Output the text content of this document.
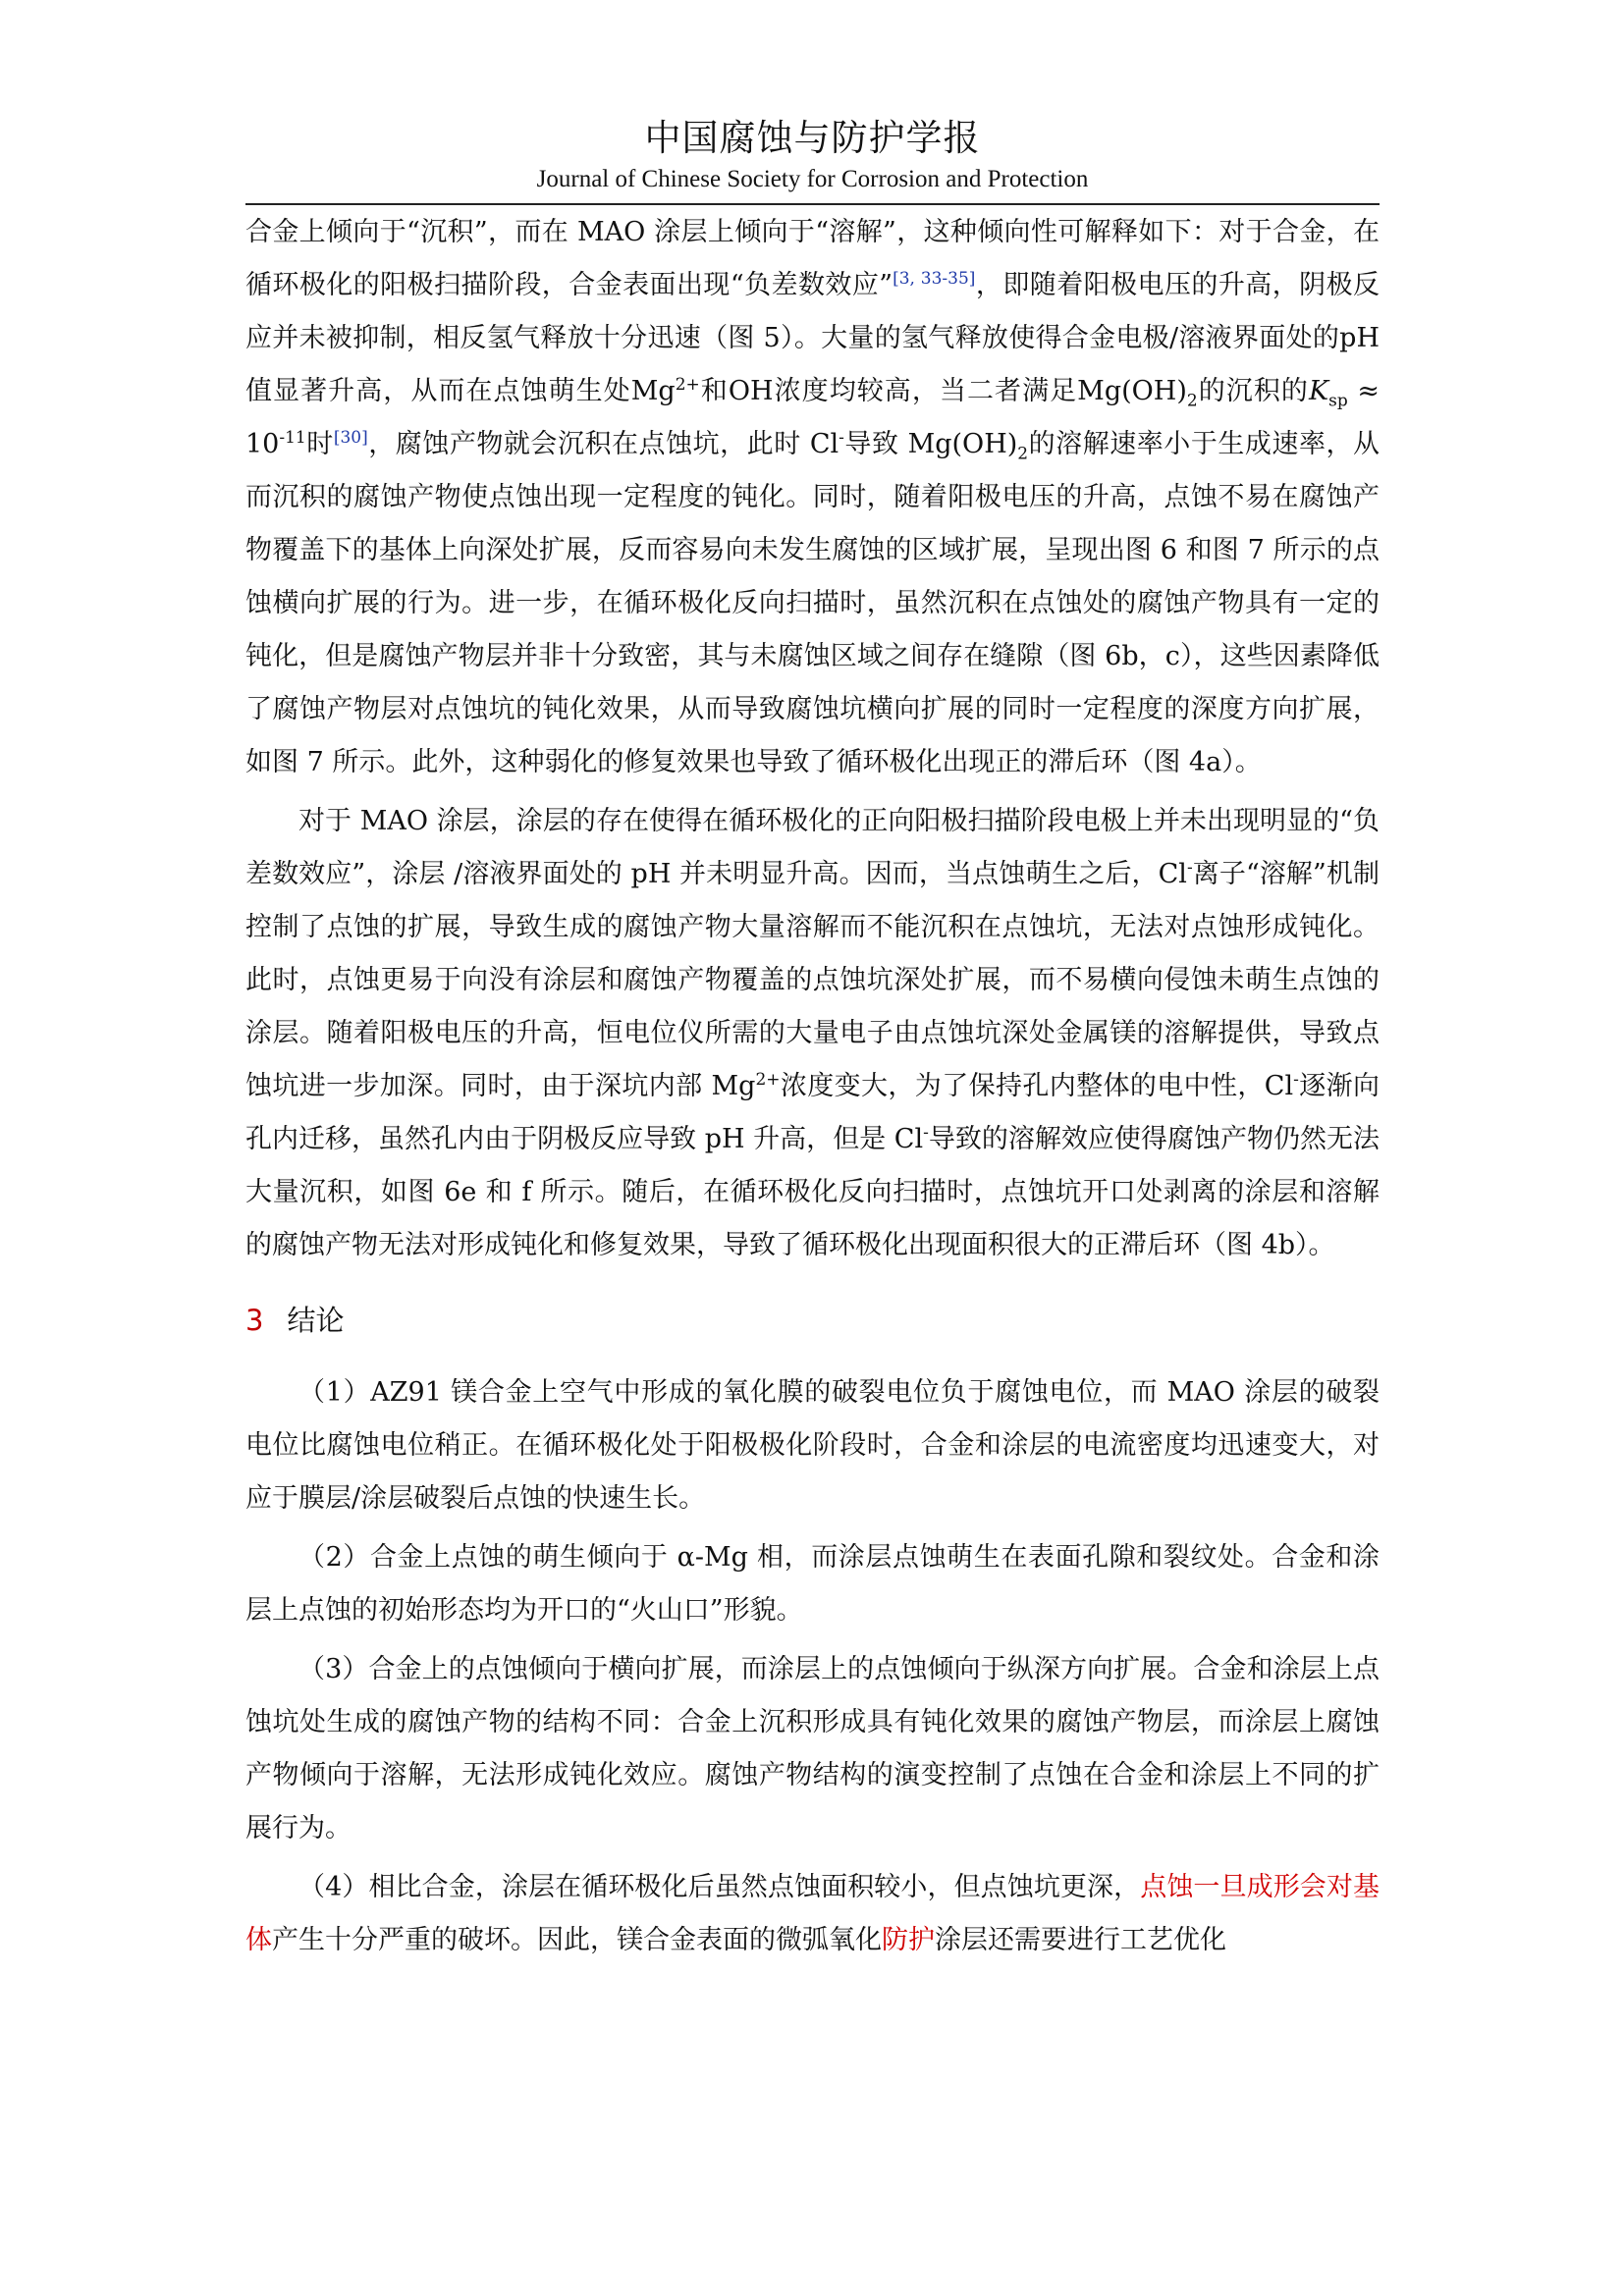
中国腐蚀与防护学报
Journal of Chinese Society for Corrosion and Protection

合金上倾向于“沉积”，而在 MAO 涂层上倾向于“溶解”，这种倾向性可解释如下：对于合金，在循环极化的阳极扫描阶段，合金表面出现“负差数效应”[3, 33-35]，即随着阳极电压的升高，阴极反应并未被抑制，相反氢气释放十分迅速（图 5）。大量的氢气释放使得合金电极/溶液界面处的pH值显著升高，从而在点蚀萌生处$Mg^{2+}$和OH浓度均较高，当二者满足$Mg(OH)_2$的沉积的$K_{sp} \approx 10^{-11}$时[30]，腐蚀产物就会沉积在点蚀坑，此时 Cl-导致 $Mg(OH)_2$的溶解速率小于生成速率，从而沉积的腐蚀产物使点蚀出现一定程度的钝化。同时，随着阳极电压的升高，点蚀不易在腐蚀产物覆盖下的基体上向深处扩展，反而容易向未发生腐蚀的区域扩展，呈现出图 6 和图 7 所示的点蚀横向扩展的行为。进一步，在循环极化反向扫描时，虽然沉积在点蚀处的腐蚀产物具有一定的钝化，但是腐蚀产物层并非十分致密，其与未腐蚀区域之间存在缝隙（图 6b，c），这些因素降低了腐蚀产物层对点蚀坑的钝化效果，从而导致腐蚀坑横向扩展的同时一定程度的深度方向扩展，如图 7 所示。此外，这种弱化的修复效果也导致了循环极化出现正的滞后环（图 4a）。

对于 MAO 涂层，涂层的存在使得在循环极化的正向阳极扫描阶段电极上并未出现明显的“负差数效应”，涂层 /溶液界面处的 pH 并未明显升高。因而，当点蚀萌生之后，Cl-离子“溶解”机制控制了点蚀的扩展，导致生成的腐蚀产物大量溶解而不能沉积在点蚀坑，无法对点蚀形成钝化。此时，点蚀更易于向没有涂层和腐蚀产物覆盖的点蚀坑深处扩展，而不易横向侵蚀未萌生点蚀的涂层。随着阳极电压的升高，恒电位仪所需的大量电子由点蚀坑深处金属镁的溶解提供，导致点蚀坑进一步加深。同时，由于深坑内部 $Mg^{2+}$浓度变大，为了保持孔内整体的电中性，Cl-逐渐向孔内迁移，虽然孔内由于阴极反应导致 pH 升高，但是 Cl-导致的溶解效应使得腐蚀产物仍然无法大量沉积，如图 6e 和 f 所示。随后，在循环极化反向扫描时，点蚀坑开口处剥离的涂层和溶解的腐蚀产物无法对形成钝化和修复效果，导致了循环极化出现面积很大的正滞后环（图 4b）。

3 结论

（1）AZ91 镁合金上空气中形成的氧化膜的破裂电位负于腐蚀电位，而 MAO 涂层的破裂电位比腐蚀电位稍正。在循环极化处于阳极极化阶段时，合金和涂层的电流密度均迅速变大，对应于膜层/涂层破裂后点蚀的快速生长。

（2）合金上点蚀的萌生倾向于 α-Mg 相，而涂层点蚀萌生在表面孔隙和裂纹处。合金和涂层上点蚀的初始形态均为开口的“火山口”形貌。

（3）合金上的点蚀倾向于横向扩展，而涂层上的点蚀倾向于纵深方向扩展。合金和涂层上点蚀坑处生成的腐蚀产物的结构不同：合金上沉积形成具有钝化效果的腐蚀产物层，而涂层上腐蚀产物倾向于溶解，无法形成钝化效应。腐蚀产物结构的演变控制了点蚀在合金和涂层上不同的扩展行为。

（4）相比合金，涂层在循环极化后虽然点蚀面积较小，但点蚀坑更深，点蚀一旦成形会对基体产生十分严重的破坏。因此，镁合金表面的微弧氧化防护涂层还需要进行工艺优化
